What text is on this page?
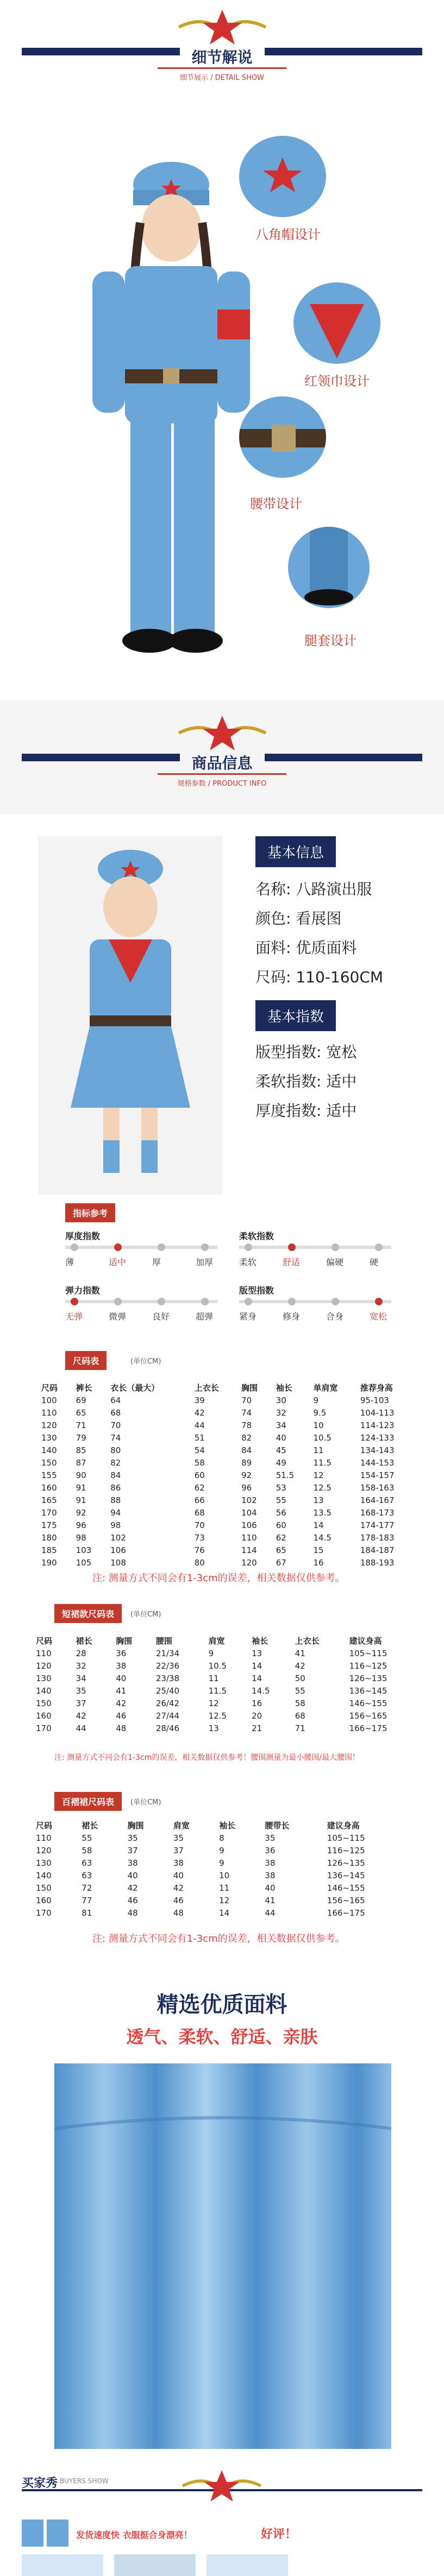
细节解说
细节展示 / DETAIL SHOW
八角帽设计
红领巾设计
腰带设计
腿套设计
商品信息
规格参数 / PRODUCT INFO
基本信息
名称: 八路演出服
颜色: 看展图
面料: 优质面料
尺码: 110-160CM
基本指数
版型指数: 宽松
柔软指数: 适中
厚度指数: 适中
指标参考
厚度指数
薄	适中	厚	加厚
柔软指数
柔软	舒适	偏硬	硬
弹力指数
无弹	微弹	良好	超弹
版型指数
紧身	修身	合身	宽松
尺码表	(单位CM)
尺码	裤长	衣长（最大）	上衣长	胸围	袖长	单肩宽	推荐身高
100	69	64	39	70	30	9	95-103
110	65	68	42	74	32	9.5	104-113
120	71	70	44	78	34	10	114-123
130	79	74	51	82	40	10.5	124-133
140	85	80	54	84	45	11	134-143
150	87	82	58	89	49	11.5	144-153
155	90	84	60	92	51.5	12	154-157
160	91	86	62	96	53	12.5	158-163
165	91	88	66	102	55	13	164-167
170	92	94	68	104	56	13.5	168-173
175	96	98	70	106	60	14	174-177
180	98	102	73	110	62	14.5	178-183
185	103	106	76	114	65	15	184-187
190	105	108	80	120	67	16	188-193
注: 测量方式不同会有1-3cm的误差，相关数据仅供参考。
短裙款尺码表	(单位CM)
尺码	裙长	胸围	腰围	肩宽	袖长	上衣长	建议身高
110	28	36	21/34	9	13	41	105~115
120	32	38	22/36	10.5	14	42	116~125
130	34	40	23/38	11	14	50	126~135
140	35	41	25/40	11.5	14.5	55	136~145
150	37	42	26/42	12	16	58	146~155
160	42	46	27/44	12.5	20	68	156~165
170	44	48	28/46	13	21	71	166~175
注: 测量方式不同会有1-3cm的误差，相关数据仅供参考！腰围测量为最小腰围/最大腰围！
百褶裙尺码表	(单位CM)
尺码	裙长	胸围	肩宽	袖长	腰带长	建议身高
110	55	35	35	8	35	105~115
120	58	37	37	9	36	116~125
130	63	38	38	9	38	126~135
140	63	40	40	10	38	136~145
150	72	42	42	11	40	146~155
160	77	46	46	12	41	156~165
170	81	48	48	14	44	166~175
注: 测量方式不同会有1-3cm的误差，相关数据仅供参考。
精选优质面料
透气、柔软、舒适、亲肤
买家秀 BUYERS SHOW
发货速度快 衣服挺合身漂亮！	好评！
